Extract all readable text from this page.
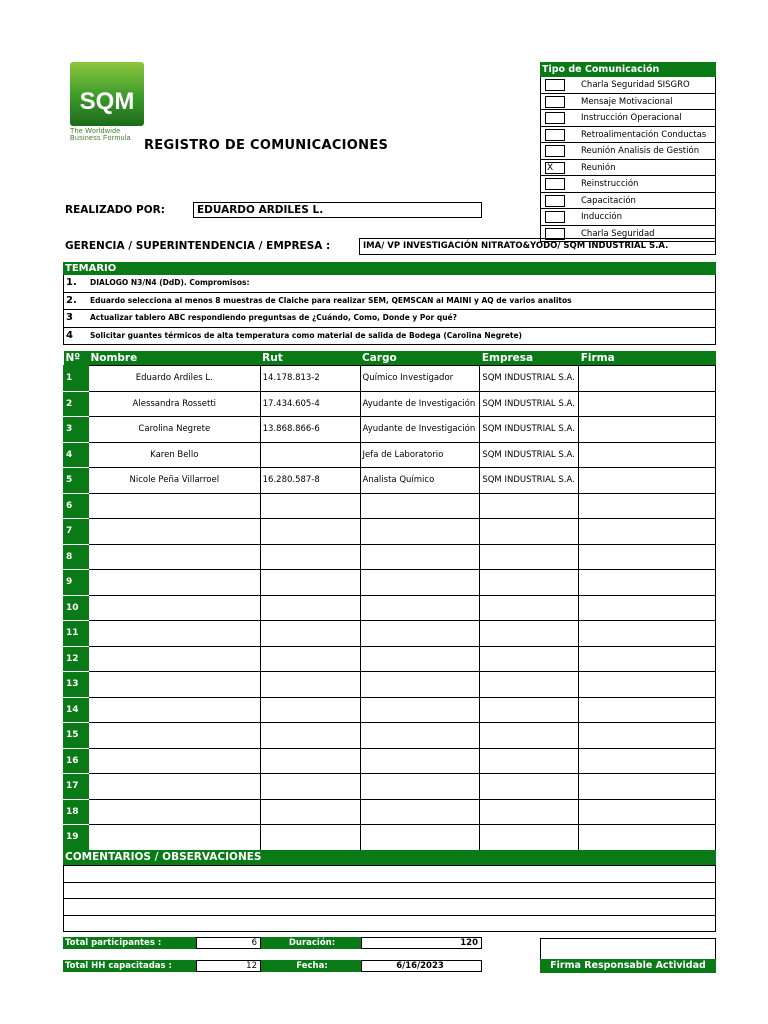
SQM
The Worldwide
Business Formula	REGISTRO DE COMUNICACIONES
REALIZADO POR:	EDUARDO ARDILES L.
GERENCIA / SUPERINTENDENCIA / EMPRESA :	IMA/ VP INVESTIGACIÓN NITRATO&YODO/ SQM INDUSTRIAL S.A.
Tipo de Comunicación
Charla Seguridad SISGRO
Mensaje Motivacional
Instrucción Operacional
Retroalimentación Conductas
Reunión Analisis de Gestión
X	Reunión
Reinstrucción
Capacitación
Inducción
Charla Seguridad
TEMARIO
1. DIALOGO N3/N4 (DdD). Compromisos:
2. Eduardo selecciona al menos 8 muestras de Claiche para realizar SEM, QEMSCAN al MAINI y AQ de varios analitos
3 Actualizar tablero ABC respondiendo preguntsas de ¿Cuándo, Como, Donde y Por qué?
4 Solicitar guantes térmicos de alta temperatura como material de salida de Bodega (Carolina Negrete)
Nº	Nombre	Rut	Cargo	Empresa	Firma
1	Eduardo Ardiles L.	14.178.813-2	Químico Investigador	SQM INDUSTRIAL S.A.	
2	Alessandra Rossetti	17.434.605-4	Ayudante de Investigación	SQM INDUSTRIAL S.A.	
3	Carolina Negrete	13.868.866-6	Ayudante de Investigación	SQM INDUSTRIAL S.A.	
4	Karen Bello		Jefa de Laboratorio	SQM INDUSTRIAL S.A.	
5	Nicole Peña Villarroel	16.280.587-8	Analista Químico	SQM INDUSTRIAL S.A.	
6					
7					
8					
9					
10					
11					
12					
13					
14					
15					
16					
17					
18					
19					
COMENTARIOS / OBSERVACIONES
Total participantes :	6	Duración:	120
Total HH capacitadas :	12	Fecha:	6/16/2023	Firma Responsable Actividad
